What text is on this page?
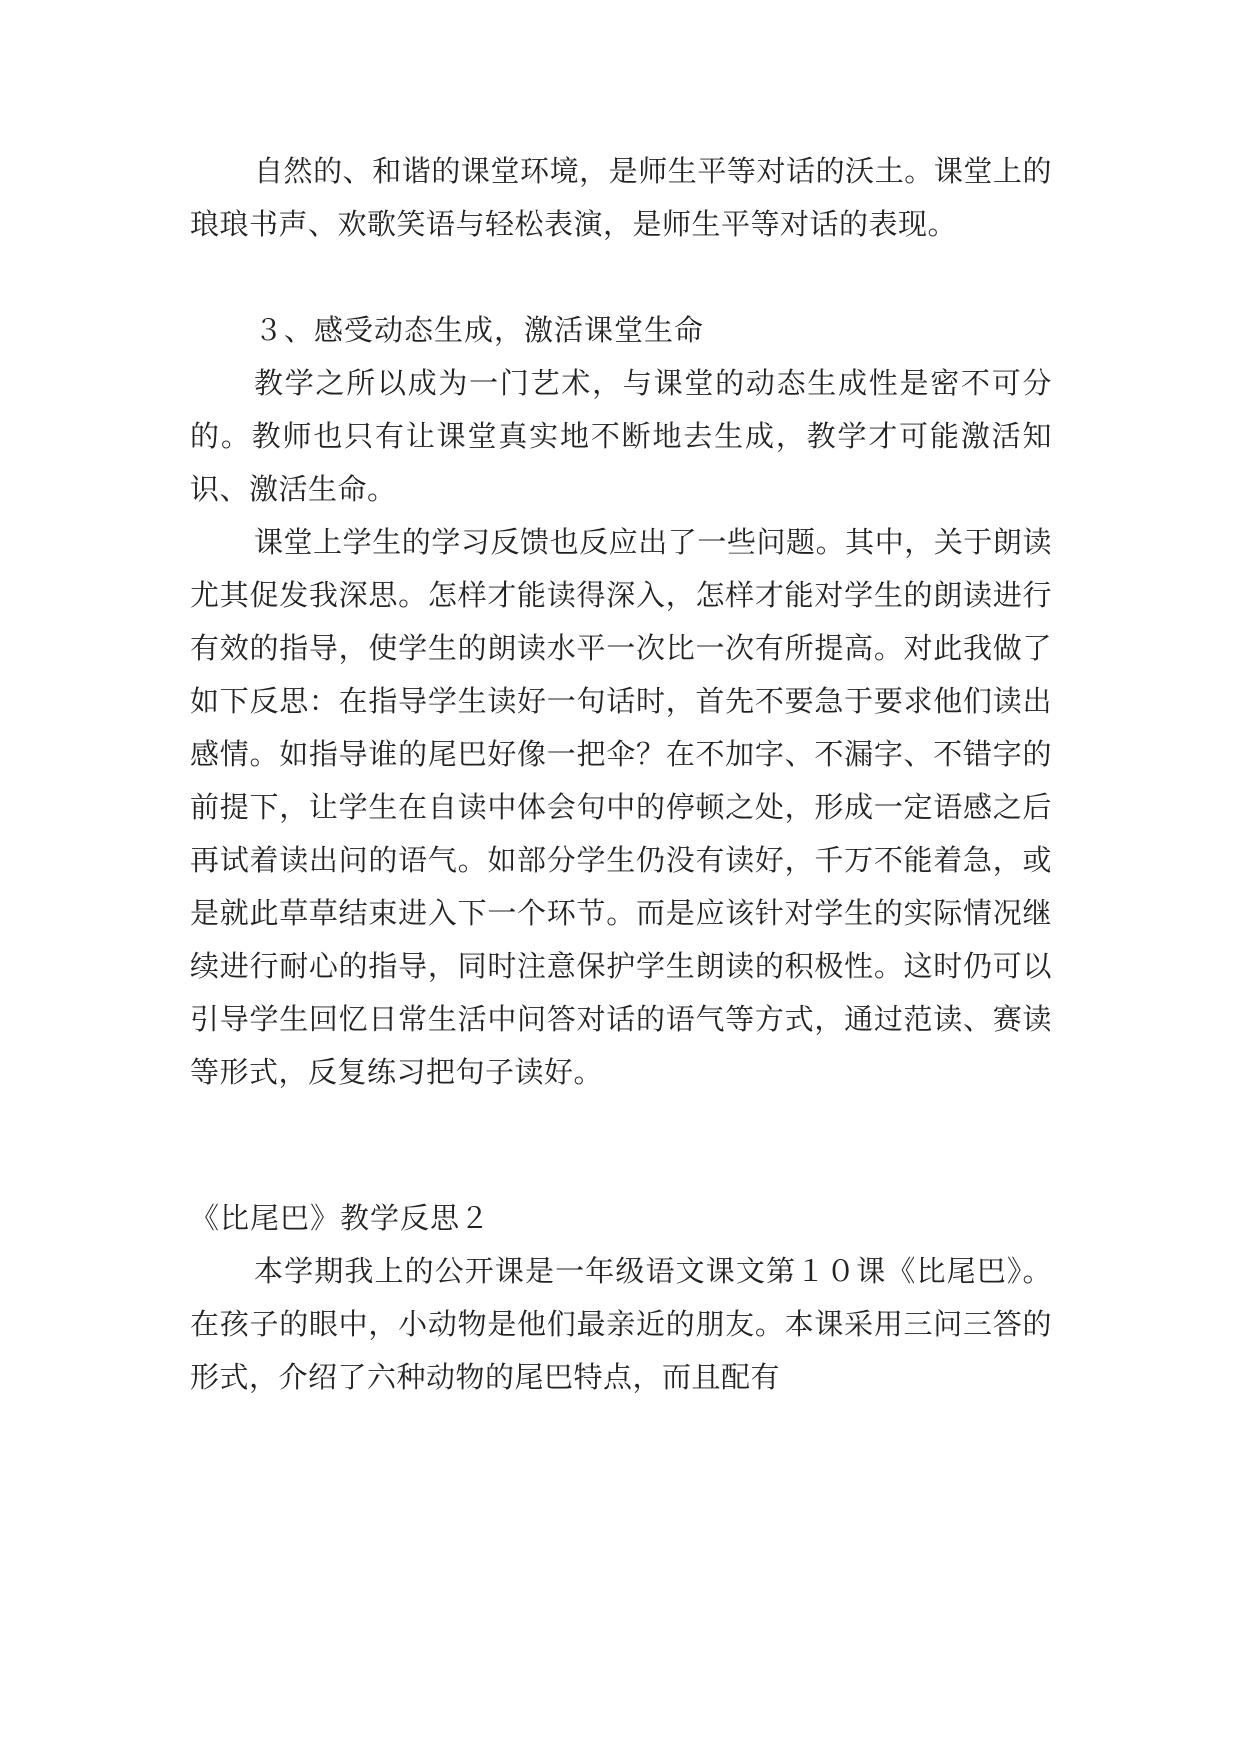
自然的、和谐的课堂环境，是师生平等对话的沃土。课堂上的琅琅书声、欢歌笑语与轻松表演，是师生平等对话的表现。

３、感受动态生成，激活课堂生命

教学之所以成为一门艺术，与课堂的动态生成性是密不可分的。教师也只有让课堂真实地不断地去生成，教学才可能激活知识、激活生命。

课堂上学生的学习反馈也反应出了一些问题。其中，关于朗读尤其促发我深思。怎样才能读得深入，怎样才能对学生的朗读进行有效的指导，使学生的朗读水平一次比一次有所提高。对此我做了如下反思：在指导学生读好一句话时，首先不要急于要求他们读出感情。如指导谁的尾巴好像一把伞？在不加字、不漏字、不错字的前提下，让学生在自读中体会句中的停顿之处，形成一定语感之后再试着读出问的语气。如部分学生仍没有读好，千万不能着急，或是就此草草结束进入下一个环节。而是应该针对学生的实际情况继续进行耐心的指导，同时注意保护学生朗读的积极性。这时仍可以引导学生回忆日常生活中问答对话的语气等方式，通过范读、赛读等形式，反复练习把句子读好。

《比尾巴》教学反思２

本学期我上的公开课是一年级语文课文第１０课《比尾巴》。在孩子的眼中，小动物是他们最亲近的朋友。本课采用三问三答的形式，介绍了六种动物的尾巴特点，而且配有
